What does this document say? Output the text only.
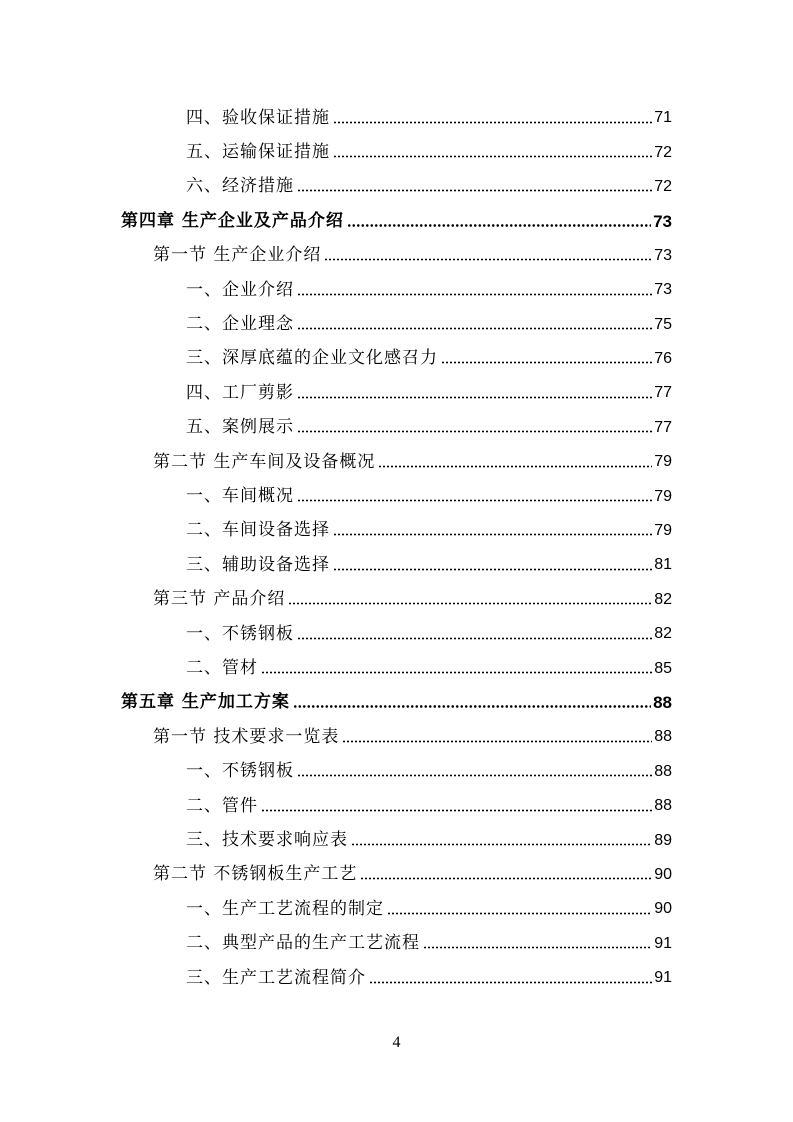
四、验收保证措施	71
五、运输保证措施	72
六、经济措施	72
第四章 生产企业及产品介绍	73
第一节 生产企业介绍	73
一、企业介绍	73
二、企业理念	75
三、深厚底蕴的企业文化感召力	76
四、工厂剪影	77
五、案例展示	77
第二节 生产车间及设备概况	79
一、车间概况	79
二、车间设备选择	79
三、辅助设备选择	81
第三节 产品介绍	82
一、不锈钢板	82
二、管材	85
第五章 生产加工方案	88
第一节 技术要求一览表	88
一、不锈钢板	88
二、管件	88
三、技术要求响应表	89
第二节 不锈钢板生产工艺	90
一、生产工艺流程的制定	90
二、典型产品的生产工艺流程	91
三、生产工艺流程简介	91
4
